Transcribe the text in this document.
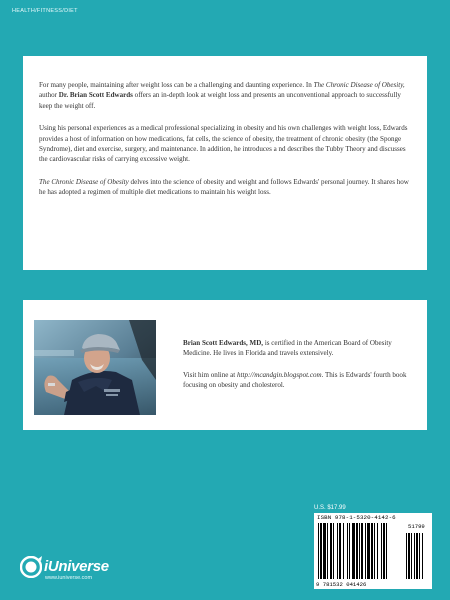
HEALTH/FITNESS/DIET

For many people, maintaining after weight loss can be a challenging and daunting experience. In The Chronic Disease of Obesity, author Dr. Brian Scott Edwards offers an in-depth look at weight loss and presents an unconventional approach to successfully keep the weight off.

Using his personal experiences as a medical professional specializing in obesity and his own challenges with weight loss, Edwards provides a host of information on how medications, fat cells, the science of obesity, the treatment of chronic obesity (the Sponge Syndrome), diet and exercise, surgery, and maintenance. In addition, he introduces a nd describes the Tubby Theory and discusses the cardiovascular risks of carrying excessive weight.

The Chronic Disease of Obesity delves into the science of obesity and weight and follows Edwards' personal journey. It shares how he has adopted a regimen of multiple diet medications to maintain his weight loss.

Brian Scott Edwards, MD, is certified in the American Board of Obesity Medicine. He lives in Florida and travels extensively.

Visit him online at http://mcandgin.blogspot.com. This is Edwards' fourth book focusing on obesity and cholesterol.

iUniverse
www.iuniverse.com
U.S. $17.99
ISBN 978-1-5320-4142-6
51799
9 781532 041426
